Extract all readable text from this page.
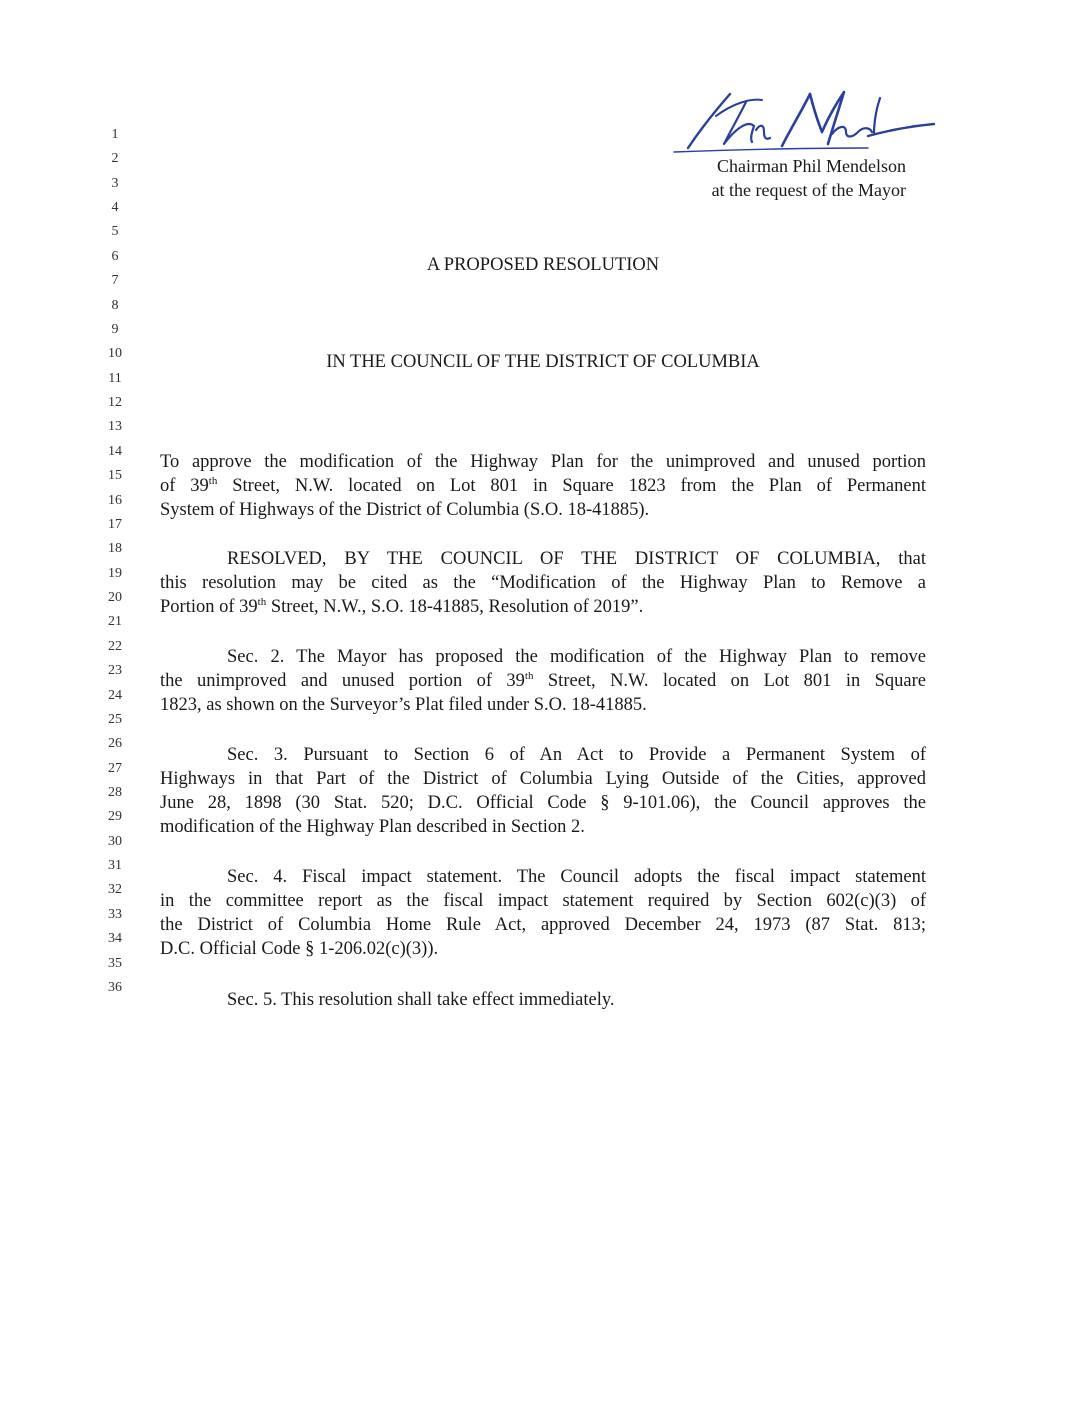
1
2
3
4
5
6
7
8
9
10
11
12
13
14
15
16
17
18
19
20
21
22
23
24
25
26
27
28
29
30
31
32
33
34
35
36
Chairman Phil Mendelson
at the request of the Mayor
A PROPOSED RESOLUTION
IN THE COUNCIL OF THE DISTRICT OF COLUMBIA
To approve the modification of the Highway Plan for the unimproved and unused portion
of 39th Street, N.W. located on Lot 801 in Square 1823 from the Plan of Permanent
System of Highways of the District of Columbia (S.O. 18-41885).
RESOLVED, BY THE COUNCIL OF THE DISTRICT OF COLUMBIA, that
this resolution may be cited as the “Modification of the Highway Plan to Remove a
Portion of 39th Street, N.W., S.O. 18-41885, Resolution of 2019”.
Sec. 2. The Mayor has proposed the modification of the Highway Plan to remove
the unimproved and unused portion of 39th Street, N.W. located on Lot 801 in Square
1823, as shown on the Surveyor’s Plat filed under S.O. 18-41885.
Sec. 3. Pursuant to Section 6 of An Act to Provide a Permanent System of
Highways in that Part of the District of Columbia Lying Outside of the Cities, approved
June 28, 1898 (30 Stat. 520; D.C. Official Code § 9-101.06), the Council approves the
modification of the Highway Plan described in Section 2.
Sec. 4. Fiscal impact statement. The Council adopts the fiscal impact statement
in the committee report as the fiscal impact statement required by Section 602(c)(3) of
the District of Columbia Home Rule Act, approved December 24, 1973 (87 Stat. 813;
D.C. Official Code § 1-206.02(c)(3)).
Sec. 5. This resolution shall take effect immediately.
